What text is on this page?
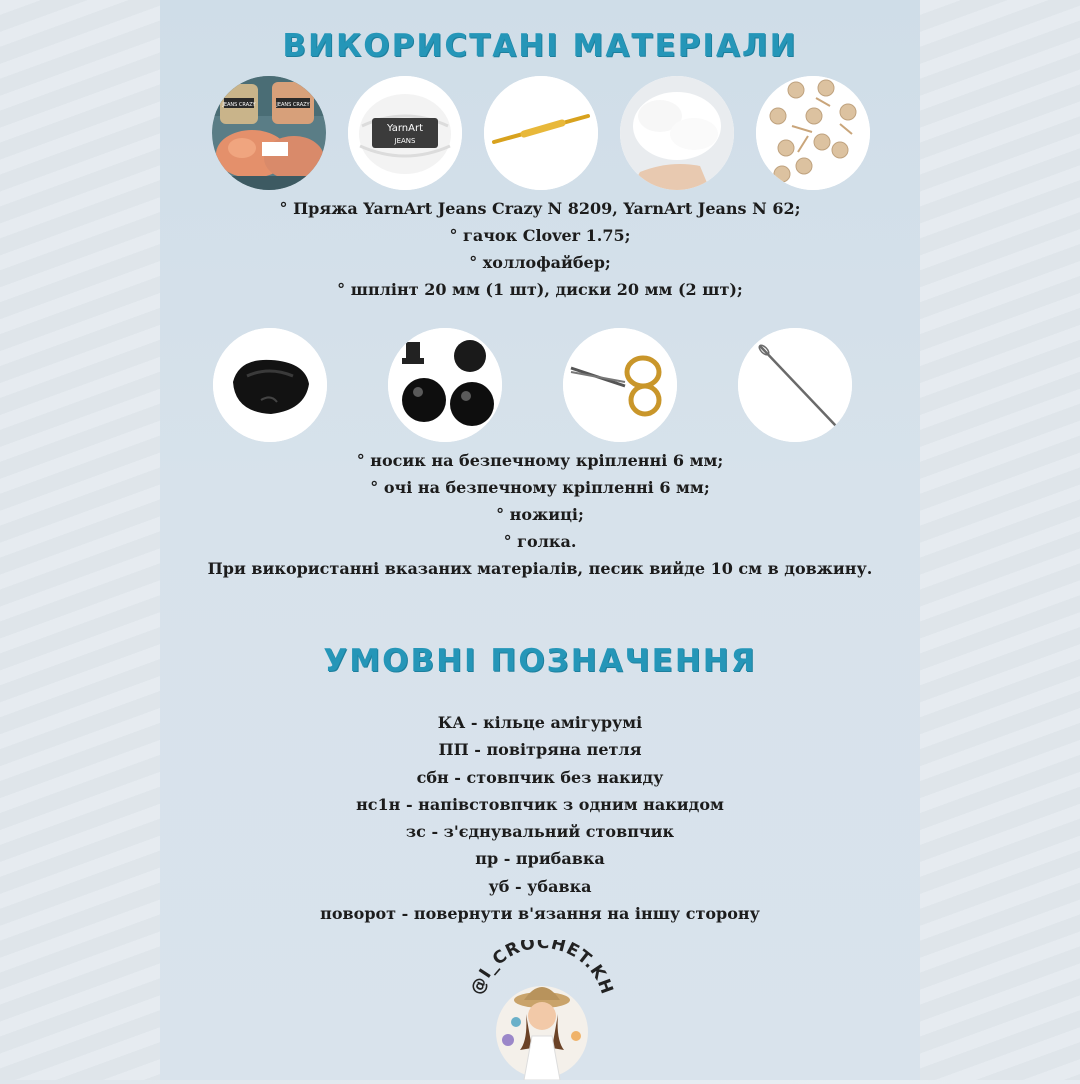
ВИКОРИСТАНІ МАТЕРІАЛИ
JEANS CRAZY	JEANS CRAZY
YarnArt
JEANS
° Пряжа YarnArt Jeans Crazy N 8209, YarnArt Jeans N 62;
° гачок Clover 1.75;
° холлофайбер;
° шплінт 20 мм (1 шт), диски 20 мм (2 шт);
° носик на безпечному кріпленні 6 мм;
° очі на безпечному кріпленні 6 мм;
° ножиці;
° голка.
При використанні вказаних матеріалів, песик вийде 10 см в довжину.
УМОВНІ ПОЗНАЧЕННЯ
КА - кільце амігурумі
ПП - повітряна петля
сбн - стовпчик без накиду
нс1н - напівстовпчик з одним накидом
зс - з'єднувальний стовпчик
пр - прибавка
уб - убавка
поворот - повернути в'язання на іншу сторону
@I_CROCHET.KH
